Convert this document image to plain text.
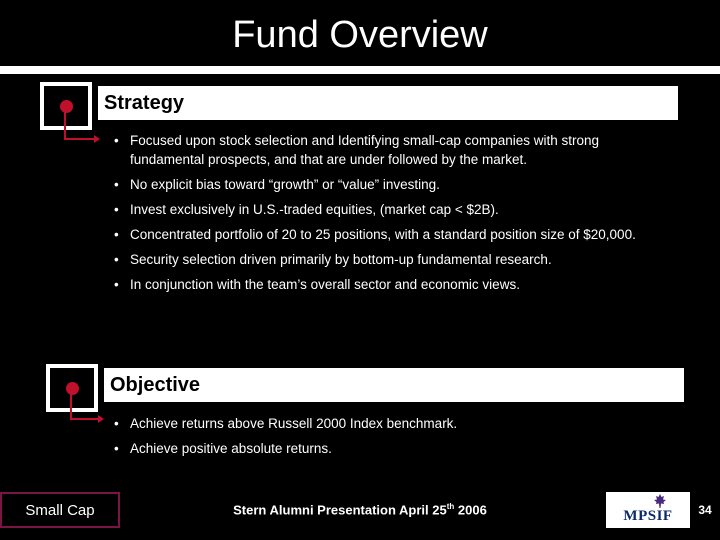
Fund Overview
Strategy
• Focused upon stock selection and Identifying small-cap companies with strong fundamental prospects, and that are under followed by the market.
• No explicit bias toward “growth” or “value” investing.
• Invest exclusively in U.S.-traded equities, (market cap < $2B).
• Concentrated portfolio of 20 to 25 positions, with a standard position size of $20,000.
• Security selection driven primarily by bottom-up fundamental research.
• In conjunction with the team’s overall sector and economic views.
Objective
• Achieve returns above Russell 2000 Index benchmark.
• Achieve positive absolute returns.
Small Cap	Stern Alumni Presentation April 25th 2006	MPSIF	34
